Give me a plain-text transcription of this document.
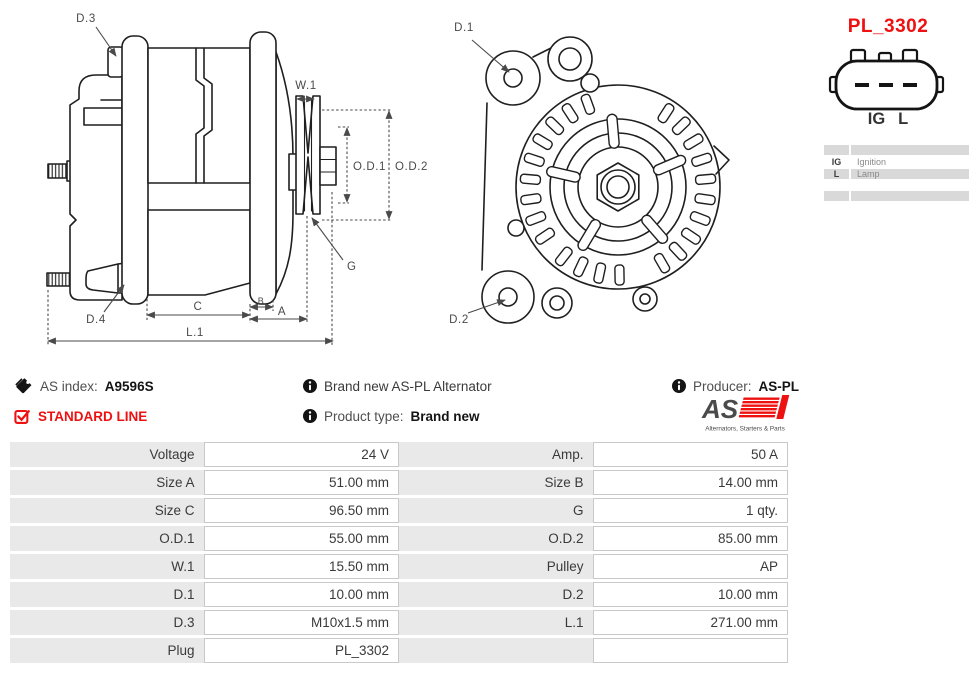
D.3
W.1
O.D.1 O.D.2
G
D.4
C	B
A
L.1
D.1
D.2
PL_3302
IG L
IG	Ignition
L	Lamp
AS index: A9596S
STANDARD LINE
Brand new AS-PL Alternator
Product type: Brand new
Producer: AS-PL
AS
Alternators, Starters & Parts
Voltage	24 V	Amp.	50 A
Size A	51.00 mm	Size B	14.00 mm
Size C	96.50 mm	G	1 qty.
O.D.1	55.00 mm	O.D.2	85.00 mm
W.1	15.50 mm	Pulley	AP
D.1	10.00 mm	D.2	10.00 mm
D.3	M10x1.5 mm	L.1	271.00 mm
Plug	PL_3302
